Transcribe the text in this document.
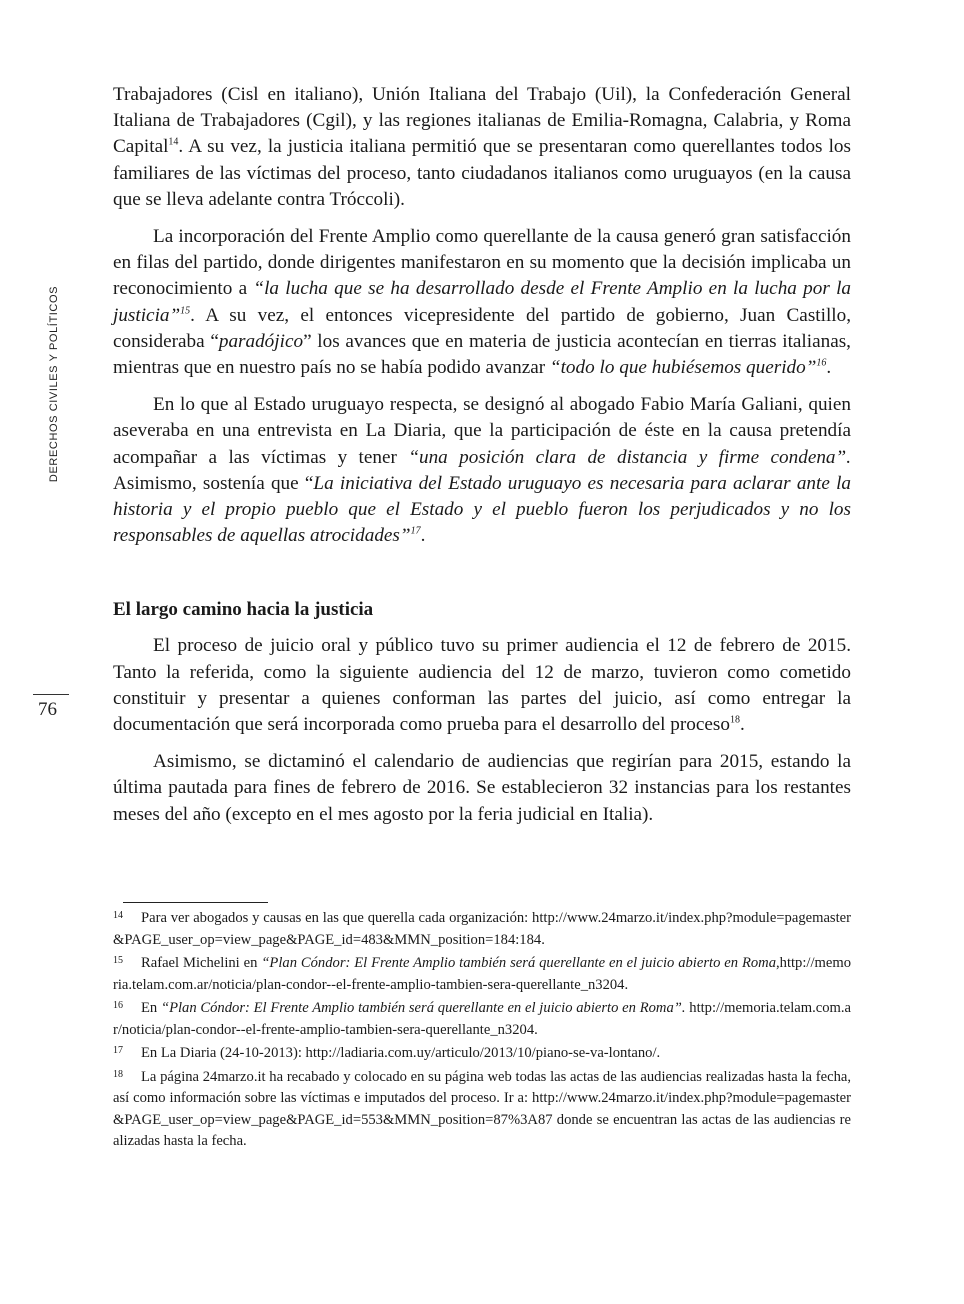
DERECHOS CIVILES Y POLÍTICOS
76

Trabajadores (Cisl en italiano), Unión Italiana del Trabajo (Uil), la Confederación General Italiana de Trabajadores (Cgil), y las regiones italianas de Emilia-Romagna, Calabria, y Roma Capital$^{14}$. A su vez, la justicia italiana permitió que se presentaran como querellantes todos los familiares de las víctimas del proceso, tanto ciudadanos italianos como uruguayos (en la causa que se lleva adelante contra Tróccoli).

La incorporación del Frente Amplio como querellante de la causa generó gran satisfacción en filas del partido, donde dirigentes manifestaron en su momento que la decisión implicaba un reconocimiento a “la lucha que se ha desarrollado desde el Frente Amplio en la lucha por la justicia”$^{15}$. A su vez, el entonces vicepresidente del partido de gobierno, Juan Castillo, consideraba “paradójico” los avances que en materia de justicia acontecían en tierras italianas, mientras que en nuestro país no se había podido avanzar “todo lo que hubiésemos querido”$^{16}$.

En lo que al Estado uruguayo respecta, se designó al abogado Fabio María Galiani, quien aseveraba en una entrevista en La Diaria, que la participación de éste en la causa pretendía acompañar a las víctimas y tener “una posición clara de distancia y firme condena”. Asimismo, sostenía que “La iniciativa del Estado uruguayo es necesaria para aclarar ante la historia y el propio pueblo que el Estado y el pueblo fueron los perjudicados y no los responsables de aquellas atrocidades”$^{17}$.

El largo camino hacia la justicia

El proceso de juicio oral y público tuvo su primer audiencia el 12 de febrero de 2015. Tanto la referida, como la siguiente audiencia del 12 de marzo, tuvieron como cometido constituir y presentar a quienes conforman las partes del juicio, así como entregar la documentación que será incorporada como prueba para el desarrollo del proceso$^{18}$.

Asimismo, se dictaminó el calendario de audiencias que regirían para 2015, estando la última pautada para fines de febrero de 2016. Se establecieron 32 instancias para los restantes meses del año (excepto en el mes agosto por la feria judicial en Italia).

14 Para ver abogados y causas en las que querella cada organización: http://www.24marzo.it/index.php?module=pagemaster&PAGE_user_op=view_page&PAGE_id=483&MMN_position=184:184.

15 Rafael Michelini en “Plan Cóndor: El Frente Amplio también será querellante en el juicio abierto en Roma,http://memoria.telam.com.ar/noticia/plan-condor--el-frente-amplio-tambien-sera-querellante_n3204.

16 En “Plan Cóndor: El Frente Amplio también será querellante en el juicio abierto en Roma”. http://memoria.telam.com.ar/noticia/plan-condor--el-frente-amplio-tambien-sera-querellante_n3204.

17 En La Diaria (24-10-2013): http://ladiaria.com.uy/articulo/2013/10/piano-se-va-lontano/.

18 La página 24marzo.it ha recabado y colocado en su página web todas las actas de las audiencias realizadas hasta la fecha, así como información sobre las víctimas e imputados del proceso. Ir a: http://www.24marzo.it/index.php?module=pagemaster&PAGE_user_op=view_page&PAGE_id=553&MMN_position=87%3A87 donde se encuentran las actas de las audiencias realizadas hasta la fecha.
